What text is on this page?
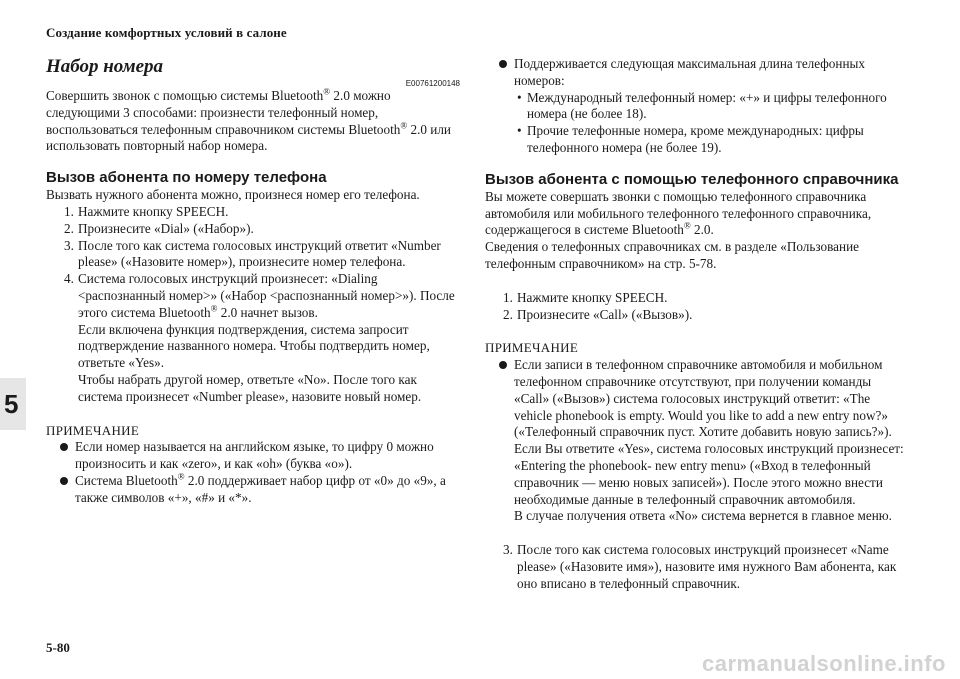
Создание комфортных условий в салоне
5
Набор номера
E00761200148

Совершить звонок с помощью системы Bluetooth® 2.0 можно следующими 3 способами: произнести телефонный номер, воспользоваться телефонным справочником системы Bluetooth® 2.0 или использовать повторный набор номера.

Вызов абонента по номеру телефона

Вызвать нужного абонента можно, произнеся номер его телефона.

1. Нажмите кнопку SPEECH.
2. Произнесите «Dial» («Набор»).
3. После того как система голосовых инструкций ответит «Number please» («Назовите номер»), произнесите номер телефона.
4. Система голосовых инструкций произнесет: «Dialing <распознанный номер>» («Набор <распознанный номер>»). После этого система Bluetooth® 2.0 начнет вызов.
Если включена функция подтверждения, система запросит подтверждение названного номера. Чтобы подтвердить номер, ответьте «Yes».
Чтобы набрать другой номер, ответьте «No». После того как система произнесет «Number please», назовите новый номер.
ПРИМЕЧАНИЕ
Если номер называется на английском языке, то цифру 0 можно произносить и как «zero», и как «oh» (буква «o»).
Система Bluetooth® 2.0 поддерживает набор цифр от «0» до «9», а также символов «+», «#» и «*».
Поддерживается следующая максимальная длина телефонных номеров:
• Международный телефонный номер: «+» и цифры телефонного номера (не более 18).
• Прочие телефонные номера, кроме международных: цифры телефонного номера (не более 19).
Вызов абонента с помощью телефонного справочника

Вы можете совершать звонки с помощью телефонного справочника автомобиля или мобильного телефонного телефонного справочника, содержащегося в системе Bluetooth® 2.0.
Сведения о телефонных справочниках см. в разделе «Пользование телефонным справочником» на стр. 5-78.

1. Нажмите кнопку SPEECH.
2. Произнесите «Call» («Вызов»).
ПРИМЕЧАНИЕ
Если записи в телефонном справочнике автомобиля и мобильном телефонном справочнике отсутствуют, при получении команды «Call» («Вызов») система голосовых инструкций ответит: «The vehicle phonebook is empty. Would you like to add a new entry now?» («Телефонный справочник пуст. Хотите добавить новую запись?»).
Если Вы ответите «Yes», система голосовых инструкций произнесет: «Entering the phonebook- new entry menu» («Вход в телефонный справочник — меню новых записей»). После этого можно внести необходимые данные в телефонный справочник автомобиля.
В случае получения ответа «No» система вернется в главное меню.
3. После того как система голосовых инструкций произнесет «Name please» («Назовите имя»), назовите имя нужного Вам абонента, как оно вписано в телефонный справочник.
5-80
carmanualsonline.info
